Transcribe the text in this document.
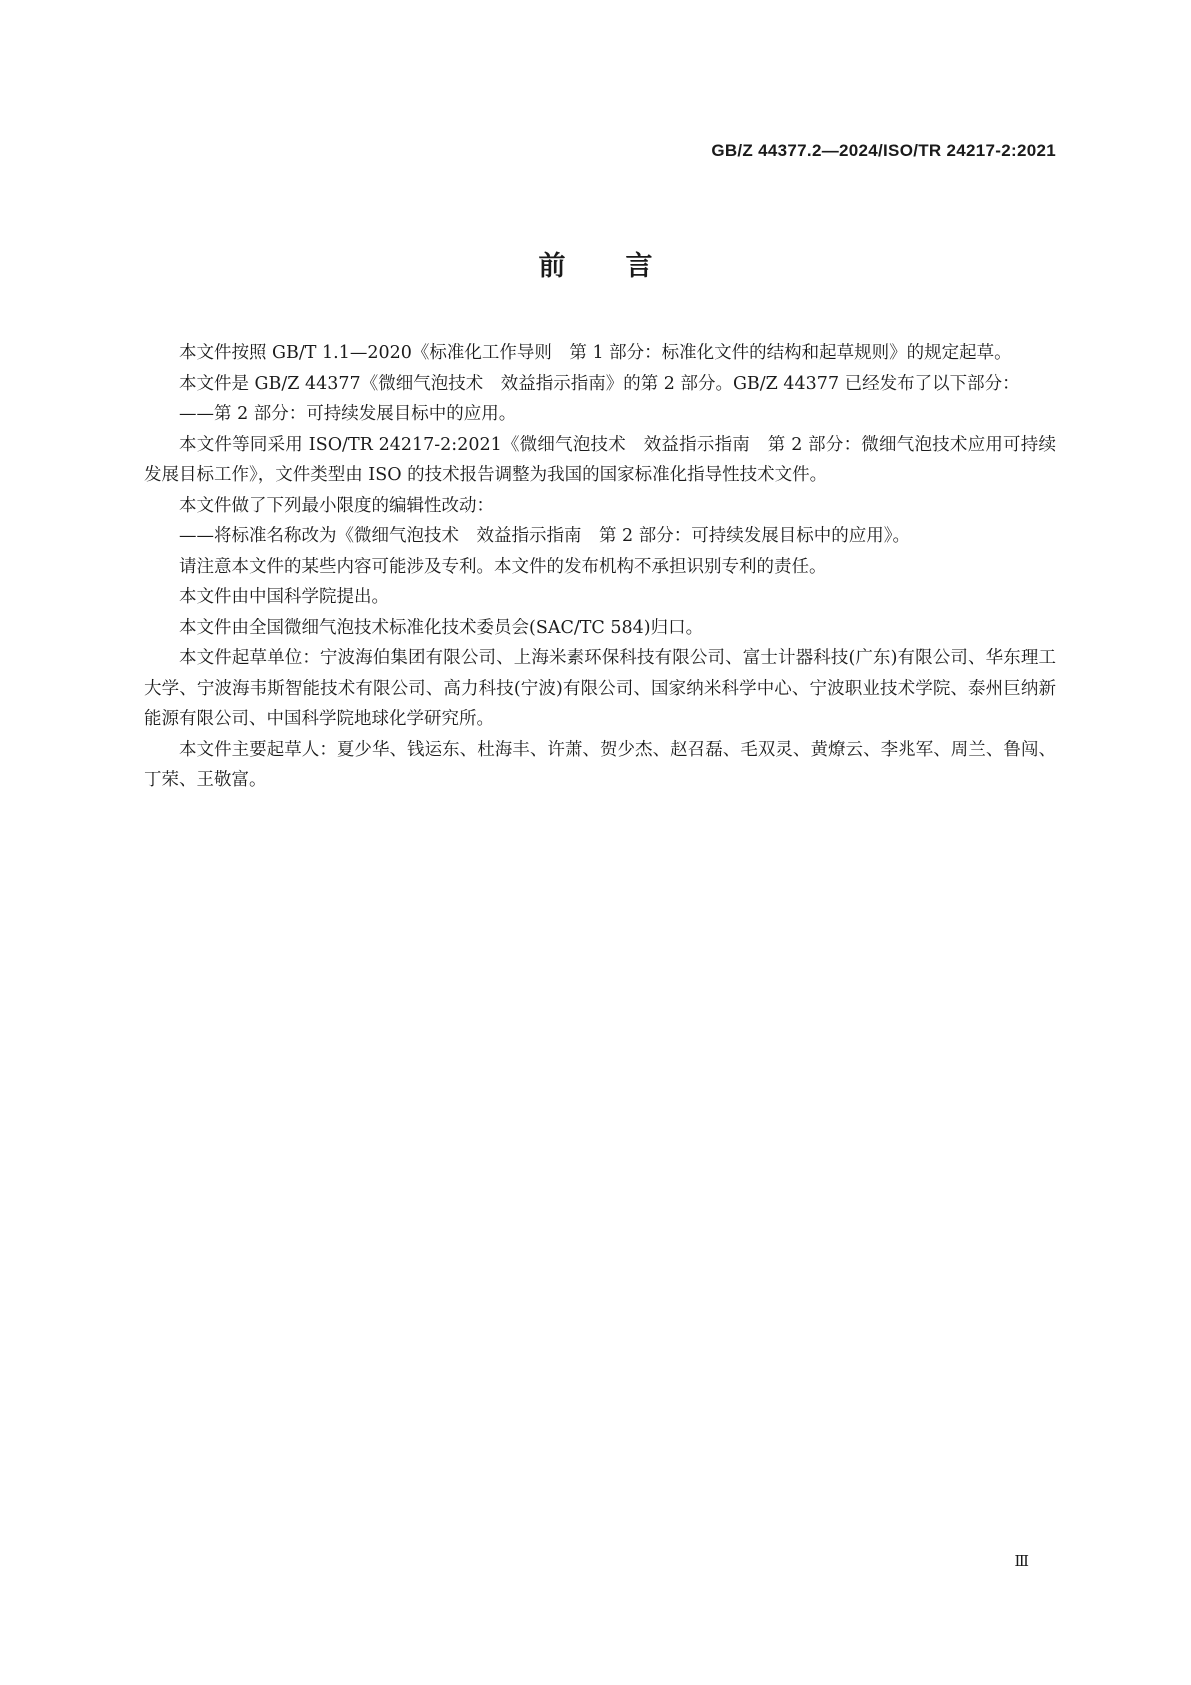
GB/Z 44377.2—2024/ISO/TR 24217-2:2021
前言

本文件按照 GB/T 1.1—2020《标准化工作导则　第 1 部分：标准化文件的结构和起草规则》的规定起草。

本文件是 GB/Z 44377《微细气泡技术　效益指示指南》的第 2 部分。GB/Z 44377 已经发布了以下部分：

——第 2 部分：可持续发展目标中的应用。

本文件等同采用 ISO/TR 24217-2:2021《微细气泡技术　效益指示指南　第 2 部分：微细气泡技术应用可持续发展目标工作》，文件类型由 ISO 的技术报告调整为我国的国家标准化指导性技术文件。

本文件做了下列最小限度的编辑性改动：

——将标准名称改为《微细气泡技术　效益指示指南　第 2 部分：可持续发展目标中的应用》。

请注意本文件的某些内容可能涉及专利。本文件的发布机构不承担识别专利的责任。

本文件由中国科学院提出。

本文件由全国微细气泡技术标准化技术委员会(SAC/TC 584)归口。

本文件起草单位：宁波海伯集团有限公司、上海米素环保科技有限公司、富士计器科技(广东)有限公司、华东理工大学、宁波海韦斯智能技术有限公司、高力科技(宁波)有限公司、国家纳米科学中心、宁波职业技术学院、泰州巨纳新能源有限公司、中国科学院地球化学研究所。

本文件主要起草人：夏少华、钱运东、杜海丰、许萧、贺少杰、赵召磊、毛双灵、黄燎云、李兆军、周兰、鲁闯、丁荣、王敬富。

Ⅲ
